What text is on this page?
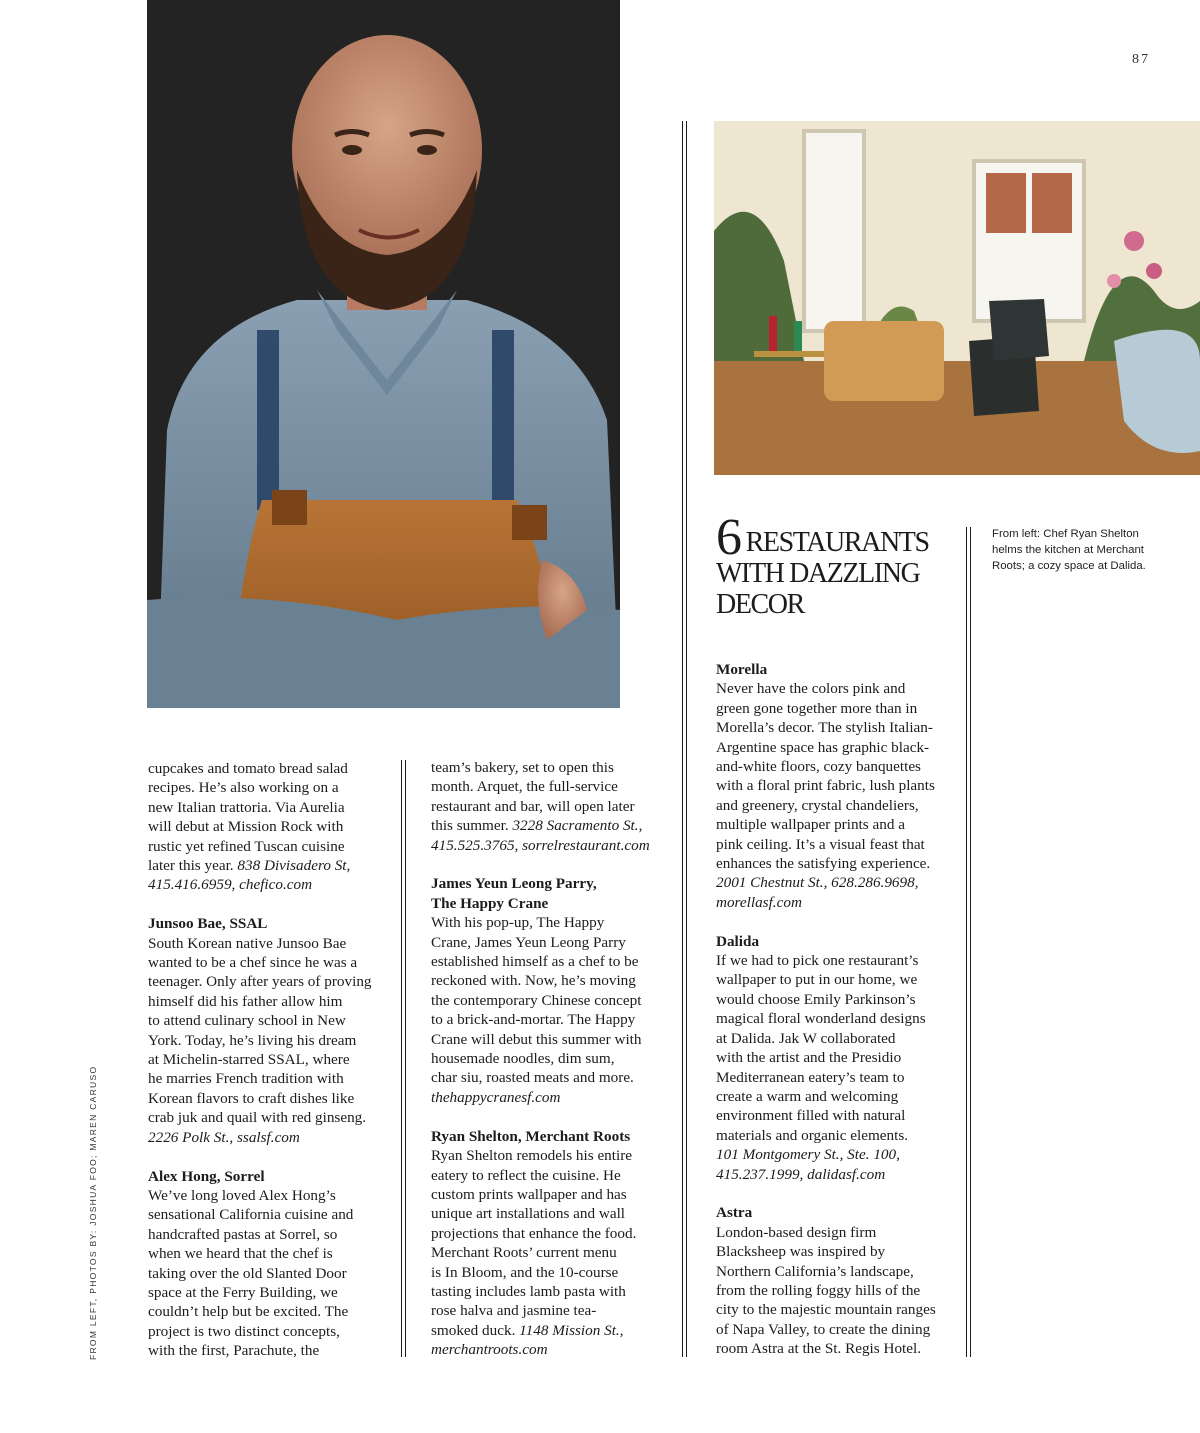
87
FROM LEFT, PHOTOS BY: JOSHUA FOO; MAREN CARUSO
6 RESTAURANTS
WITH DAZZLING
DECOR
From left: Chef Ryan Shelton helms the kitchen at Merchant Roots; a cozy space at Dalida.

cupcakes and tomato bread salad

recipes. He’s also working on a

new Italian trattoria. Via Aurelia

will debut at Mission Rock with

rustic yet refined Tuscan cuisine

later this year. 838 Divisadero St,

415.416.6959, chefico.com

Junsoo Bae, SSAL

South Korean native Junsoo Bae

wanted to be a chef since he was a

teenager. Only after years of proving

himself did his father allow him

to attend culinary school in New

York. Today, he’s living his dream

at Michelin-starred SSAL, where

he marries French tradition with

Korean flavors to craft dishes like

crab juk and quail with red ginseng.

2226 Polk St., ssalsf.com

Alex Hong, Sorrel

We’ve long loved Alex Hong’s

sensational California cuisine and

handcrafted pastas at Sorrel, so

when we heard that the chef is

taking over the old Slanted Door

space at the Ferry Building, we

couldn’t help but be excited. The

project is two distinct concepts,

with the first, Parachute, the

team’s bakery, set to open this

month. Arquet, the full-service

restaurant and bar, will open later

this summer. 3228 Sacramento St.,

415.525.3765, sorrelrestaurant.com

James Yeun Leong Parry,
The Happy Crane

With his pop-up, The Happy

Crane, James Yeun Leong Parry

established himself as a chef to be

reckoned with. Now, he’s moving

the contemporary Chinese concept

to a brick-and-mortar. The Happy

Crane will debut this summer with

housemade noodles, dim sum,

char siu, roasted meats and more.

thehappycranesf.com

Ryan Shelton, Merchant Roots

Ryan Shelton remodels his entire

eatery to reflect the cuisine. He

custom prints wallpaper and has

unique art installations and wall

projections that enhance the food.

Merchant Roots’ current menu

is In Bloom, and the 10-course

tasting includes lamb pasta with

rose halva and jasmine tea-

smoked duck. 1148 Mission St.,

merchantroots.com

Morella

Never have the colors pink and

green gone together more than in

Morella’s decor. The stylish Italian-

Argentine space has graphic black-

and-white floors, cozy banquettes

with a floral print fabric, lush plants

and greenery, crystal chandeliers,

multiple wallpaper prints and a

pink ceiling. It’s a visual feast that

enhances the satisfying experience.

2001 Chestnut St., 628.286.9698,

morellasf.com

Dalida

If we had to pick one restaurant’s

wallpaper to put in our home, we

would choose Emily Parkinson’s

magical floral wonderland designs

at Dalida. Jak W collaborated

with the artist and the Presidio

Mediterranean eatery’s team to

create a warm and welcoming

environment filled with natural

materials and organic elements.

101 Montgomery St., Ste. 100,

415.237.1999, dalidasf.com

Astra

London-based design firm

Blacksheep was inspired by

Northern California’s landscape,

from the rolling foggy hills of the

city to the majestic mountain ranges

of Napa Valley, to create the dining

room Astra at the St. Regis Hotel.
